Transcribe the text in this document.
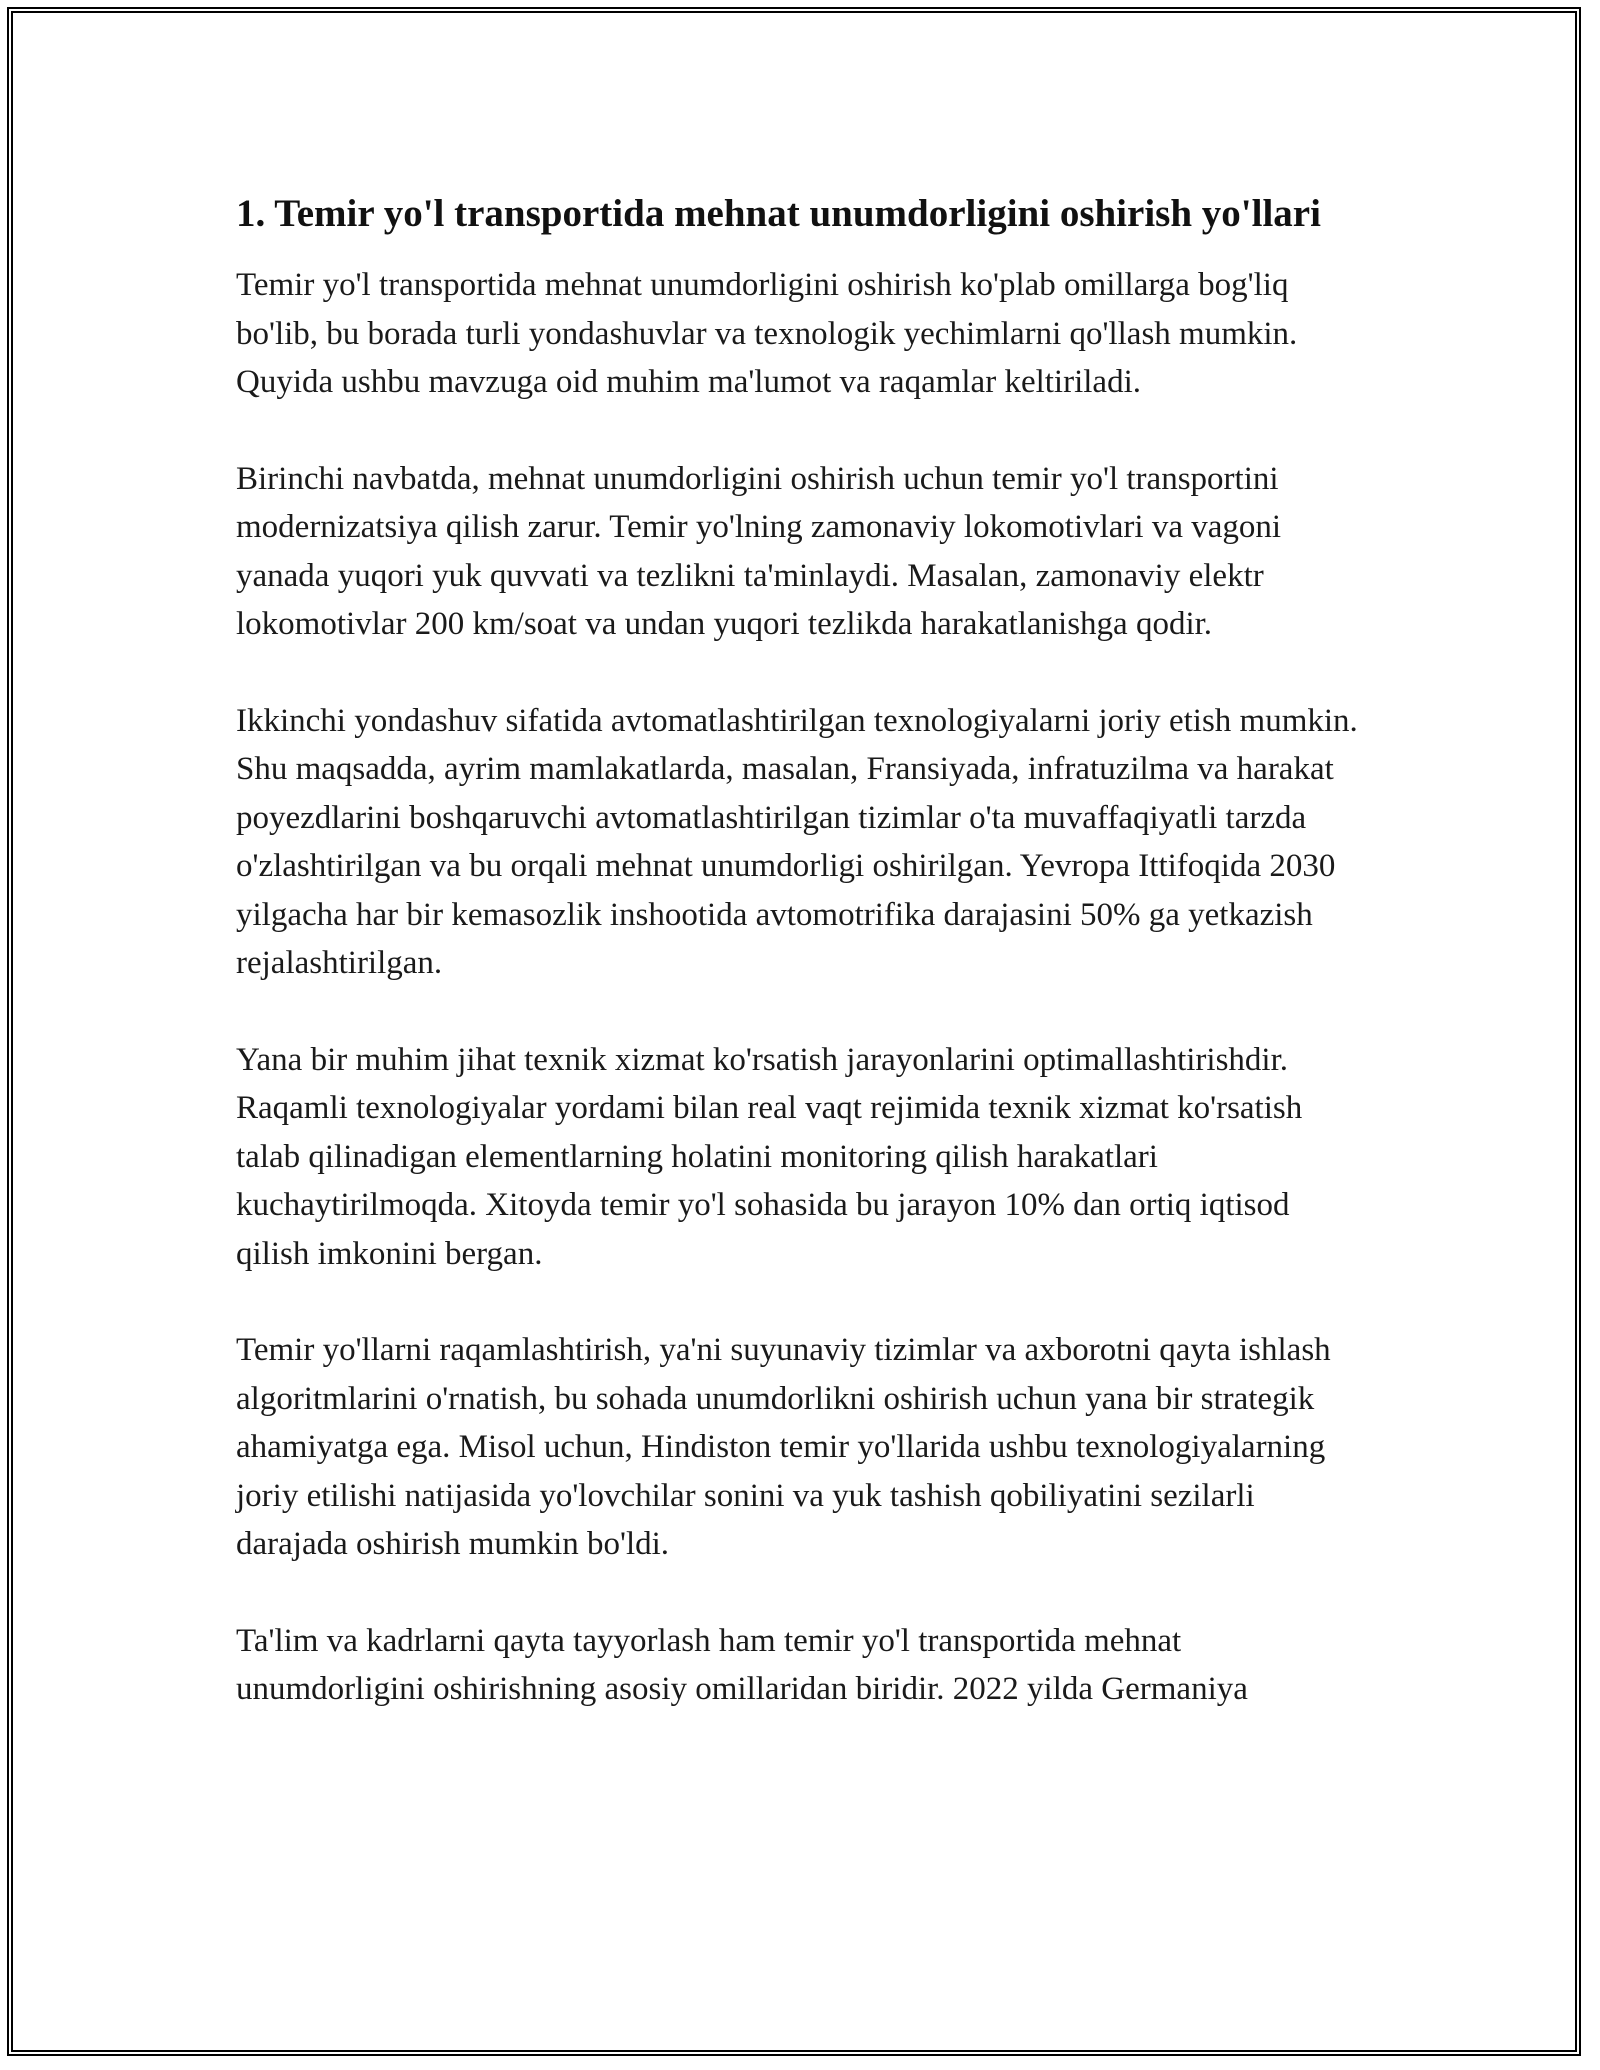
1. Temir yo'l transportida mehnat unumdorligini oshirish yo'llari

Temir yo'l transportida mehnat unumdorligini oshirish ko'plab omillarga bog'liq bo'lib, bu borada turli yondashuvlar va texnologik yechimlarni qo'llash mumkin. Quyida ushbu mavzuga oid muhim ma'lumot va raqamlar keltiriladi.

Birinchi navbatda, mehnat unumdorligini oshirish uchun temir yo'l transportini modernizatsiya qilish zarur. Temir yo'lning zamonaviy lokomotivlari va vagoni yanada yuqori yuk quvvati va tezlikni ta'minlaydi. Masalan, zamonaviy elektr lokomotivlar 200 km/soat va undan yuqori tezlikda harakatlanishga qodir.

Ikkinchi yondashuv sifatida avtomatlashtirilgan texnologiyalarni joriy etish mumkin. Shu maqsadda, ayrim mamlakatlarda, masalan, Fransiyada, infratuzilma va harakat poyezdlarini boshqaruvchi avtomatlashtirilgan tizimlar o'ta muvaffaqiyatli tarzda o'zlashtirilgan va bu orqali mehnat unumdorligi oshirilgan. Yevropa Ittifoqida 2030 yilgacha har bir kemasozlik inshootida avtomotrifika darajasini 50% ga yetkazish rejalashtirilgan.

Yana bir muhim jihat texnik xizmat ko'rsatish jarayonlarini optimallashtirishdir. Raqamli texnologiyalar yordami bilan real vaqt rejimida texnik xizmat ko'rsatish talab qilinadigan elementlarning holatini monitoring qilish harakatlari kuchaytirilmoqda. Xitoyda temir yo'l sohasida bu jarayon 10% dan ortiq iqtisod qilish imkonini bergan.

Temir yo'llarni raqamlashtirish, ya'ni suyunaviy tizimlar va axborotni qayta ishlash algoritmlarini o'rnatish, bu sohada unumdorlikni oshirish uchun yana bir strategik ahamiyatga ega. Misol uchun, Hindiston temir yo'llarida ushbu texnologiyalarning joriy etilishi natijasida yo'lovchilar sonini va yuk tashish qobiliyatini sezilarli darajada oshirish mumkin bo'ldi.

Ta'lim va kadrlarni qayta tayyorlash ham temir yo'l transportida mehnat unumdorligini oshirishning asosiy omillaridan biridir. 2022 yilda Germaniya
